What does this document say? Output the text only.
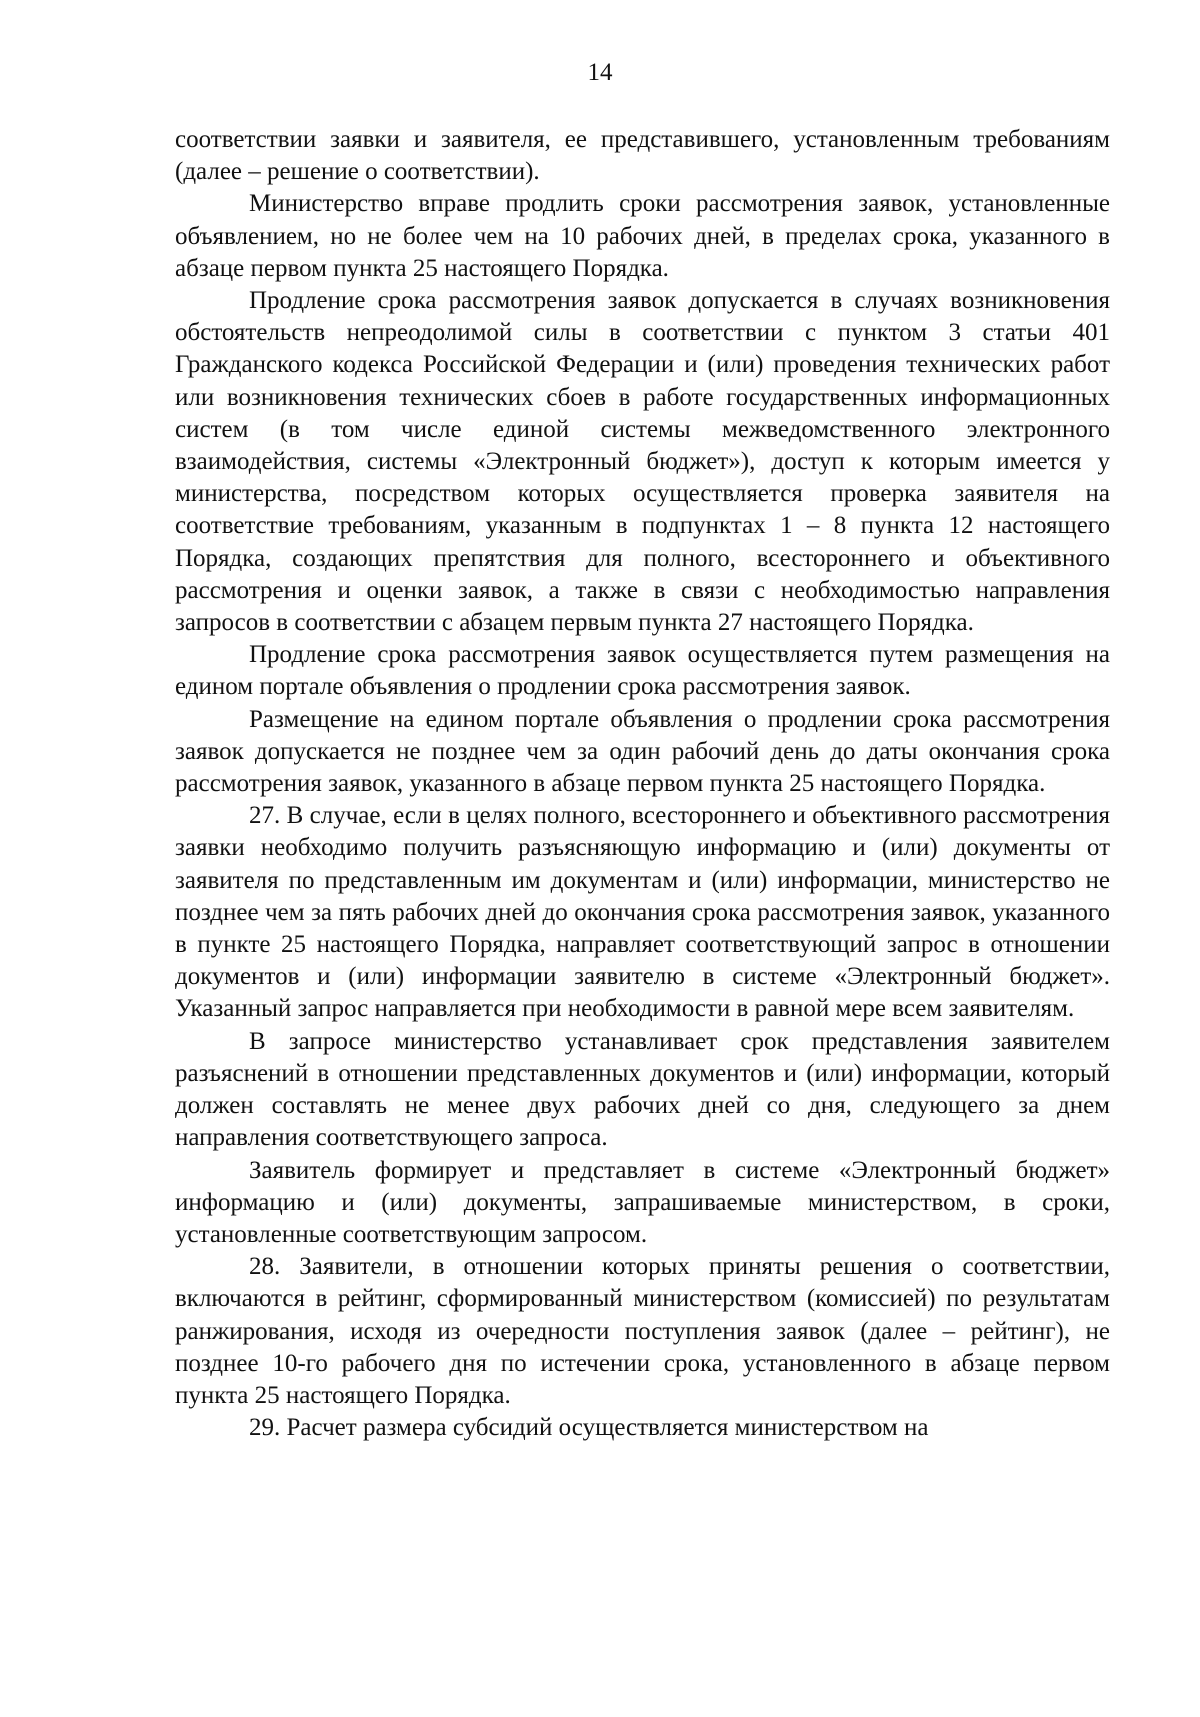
14

соответствии заявки и заявителя, ее представившего, установленным требованиям (далее – решение о соответствии).

Министерство вправе продлить сроки рассмотрения заявок, установленные объявлением, но не более чем на 10 рабочих дней, в пределах срока, указанного в абзаце первом пункта 25 настоящего Порядка.

Продление срока рассмотрения заявок допускается в случаях возникновения обстоятельств непреодолимой силы в соответствии с пунктом 3 статьи 401 Гражданского кодекса Российской Федерации и (или) проведения технических работ или возникновения технических сбоев в работе государственных информационных систем (в том числе единой системы межведомственного электронного взаимодействия, системы «Электронный бюджет»), доступ к которым имеется у министерства, посредством которых осуществляется проверка заявителя на соответствие требованиям, указанным в подпунктах 1 – 8 пункта 12 настоящего Порядка, создающих препятствия для полного, всестороннего и объективного рассмотрения и оценки заявок, а также в связи с необходимостью направления запросов в соответствии с абзацем первым пункта 27 настоящего Порядка.

Продление срока рассмотрения заявок осуществляется путем размещения на едином портале объявления о продлении срока рассмотрения заявок.

Размещение на едином портале объявления о продлении срока рассмотрения заявок допускается не позднее чем за один рабочий день до даты окончания срока рассмотрения заявок, указанного в абзаце первом пункта 25 настоящего Порядка.

27. В случае, если в целях полного, всестороннего и объективного рассмотрения заявки необходимо получить разъясняющую информацию и (или) документы от заявителя по представленным им документам и (или) информации, министерство не позднее чем за пять рабочих дней до окончания срока рассмотрения заявок, указанного в пункте 25 настоящего Порядка, направляет соответствующий запрос в отношении документов и (или) информации заявителю в системе «Электронный бюджет». Указанный запрос направляется при необходимости в равной мере всем заявителям.

В запросе министерство устанавливает срок представления заявителем разъяснений в отношении представленных документов и (или) информации, который должен составлять не менее двух рабочих дней со дня, следующего за днем направления соответствующего запроса.

Заявитель формирует и представляет в системе «Электронный бюджет» информацию и (или) документы, запрашиваемые министерством, в сроки, установленные соответствующим запросом.

28. Заявители, в отношении которых приняты решения о соответствии, включаются в рейтинг, сформированный министерством (комиссией) по результатам ранжирования, исходя из очередности поступления заявок (далее – рейтинг), не позднее 10-го рабочего дня по истечении срока, установленного в абзаце первом пункта 25 настоящего Порядка.

29. Расчет размера субсидий осуществляется министерством на
